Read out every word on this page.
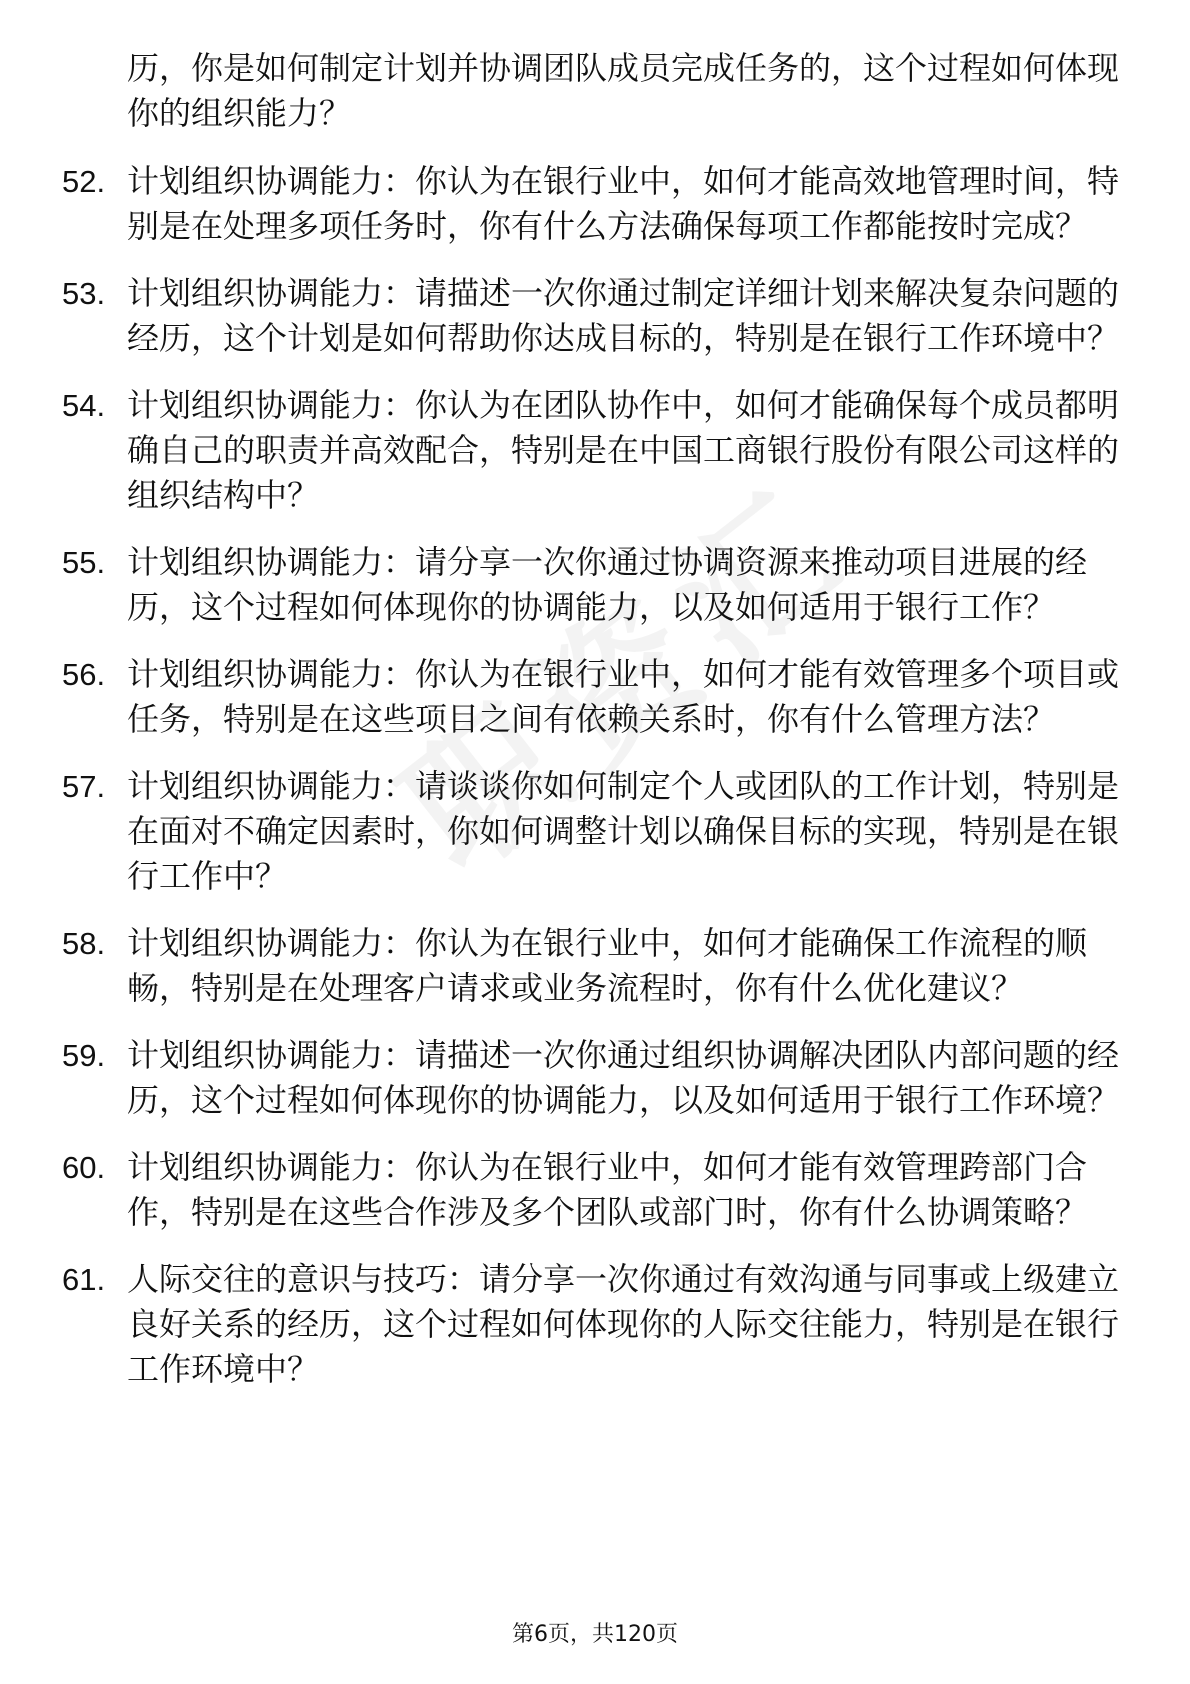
历，你是如何制定计划并协调团队成员完成任务的，这个过程如何体现你的组织能力？

52. 计划组织协调能力：你认为在银行业中，如何才能高效地管理时间，特别是在处理多项任务时，你有什么方法确保每项工作都能按时完成？
53. 计划组织协调能力：请描述一次你通过制定详细计划来解决复杂问题的经历，这个计划是如何帮助你达成目标的，特别是在银行工作环境中？
54. 计划组织协调能力：你认为在团队协作中，如何才能确保每个成员都明确自己的职责并高效配合，特别是在中国工商银行股份有限公司这样的组织结构中？
55. 计划组织协调能力：请分享一次你通过协调资源来推动项目进展的经历，这个过程如何体现你的协调能力，以及如何适用于银行工作？
56. 计划组织协调能力：你认为在银行业中，如何才能有效管理多个项目或任务，特别是在这些项目之间有依赖关系时，你有什么管理方法？
57. 计划组织协调能力：请谈谈你如何制定个人或团队的工作计划，特别是在面对不确定因素时，你如何调整计划以确保目标的实现，特别是在银行工作中？
58. 计划组织协调能力：你认为在银行业中，如何才能确保工作流程的顺畅，特别是在处理客户请求或业务流程时，你有什么优化建议？
59. 计划组织协调能力：请描述一次你通过组织协调解决团队内部问题的经历，这个过程如何体现你的协调能力，以及如何适用于银行工作环境？
60. 计划组织协调能力：你认为在银行业中，如何才能有效管理跨部门合作，特别是在这些合作涉及多个团队或部门时，你有什么协调策略？
61. 人际交往的意识与技巧：请分享一次你通过有效沟通与同事或上级建立良好关系的经历，这个过程如何体现你的人际交往能力，特别是在银行工作环境中？
第6页，共120页
